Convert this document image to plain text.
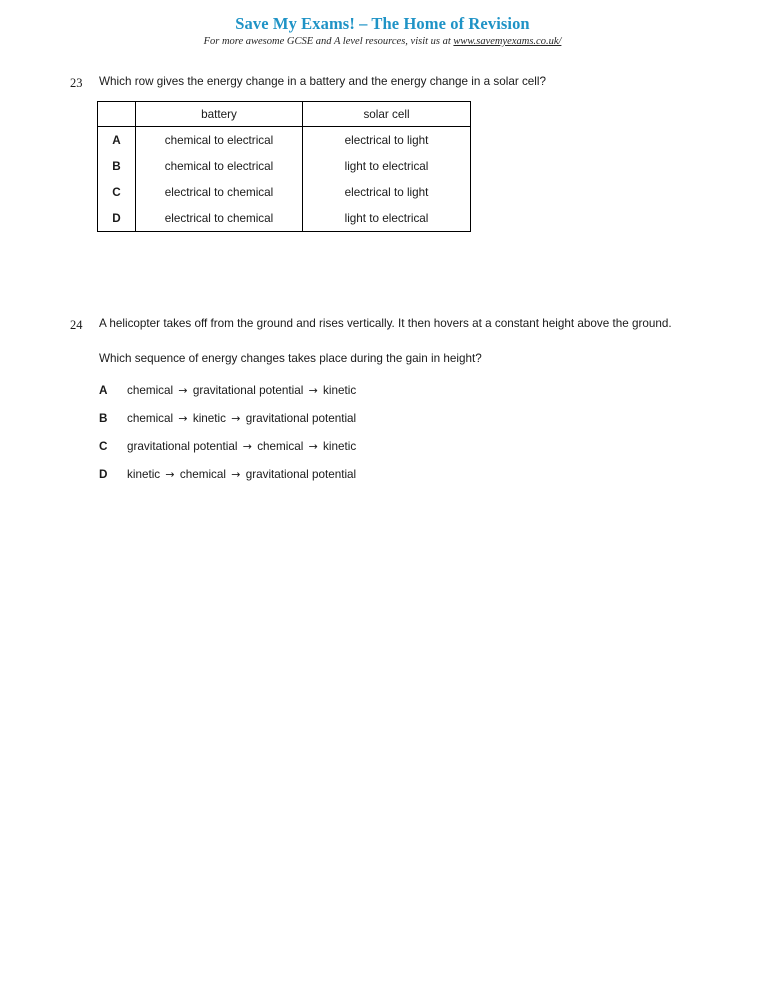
Save My Exams! – The Home of Revision
For more awesome GCSE and A level resources, visit us at www.savemyexams.co.uk/
23	Which row gives the energy change in a battery and the energy change in a solar cell?
	battery	solar cell
A	chemical to electrical	electrical to light
B	chemical to electrical	light to electrical
C	electrical to chemical	electrical to light
D	electrical to chemical	light to electrical
24	A helicopter takes off from the ground and rises vertically. It then hovers at a constant height above the ground.
Which sequence of energy changes takes place during the gain in height?
A	chemical → gravitational potential → kinetic
B	chemical → kinetic → gravitational potential
C	gravitational potential → chemical → kinetic
D	kinetic → chemical → gravitational potential
